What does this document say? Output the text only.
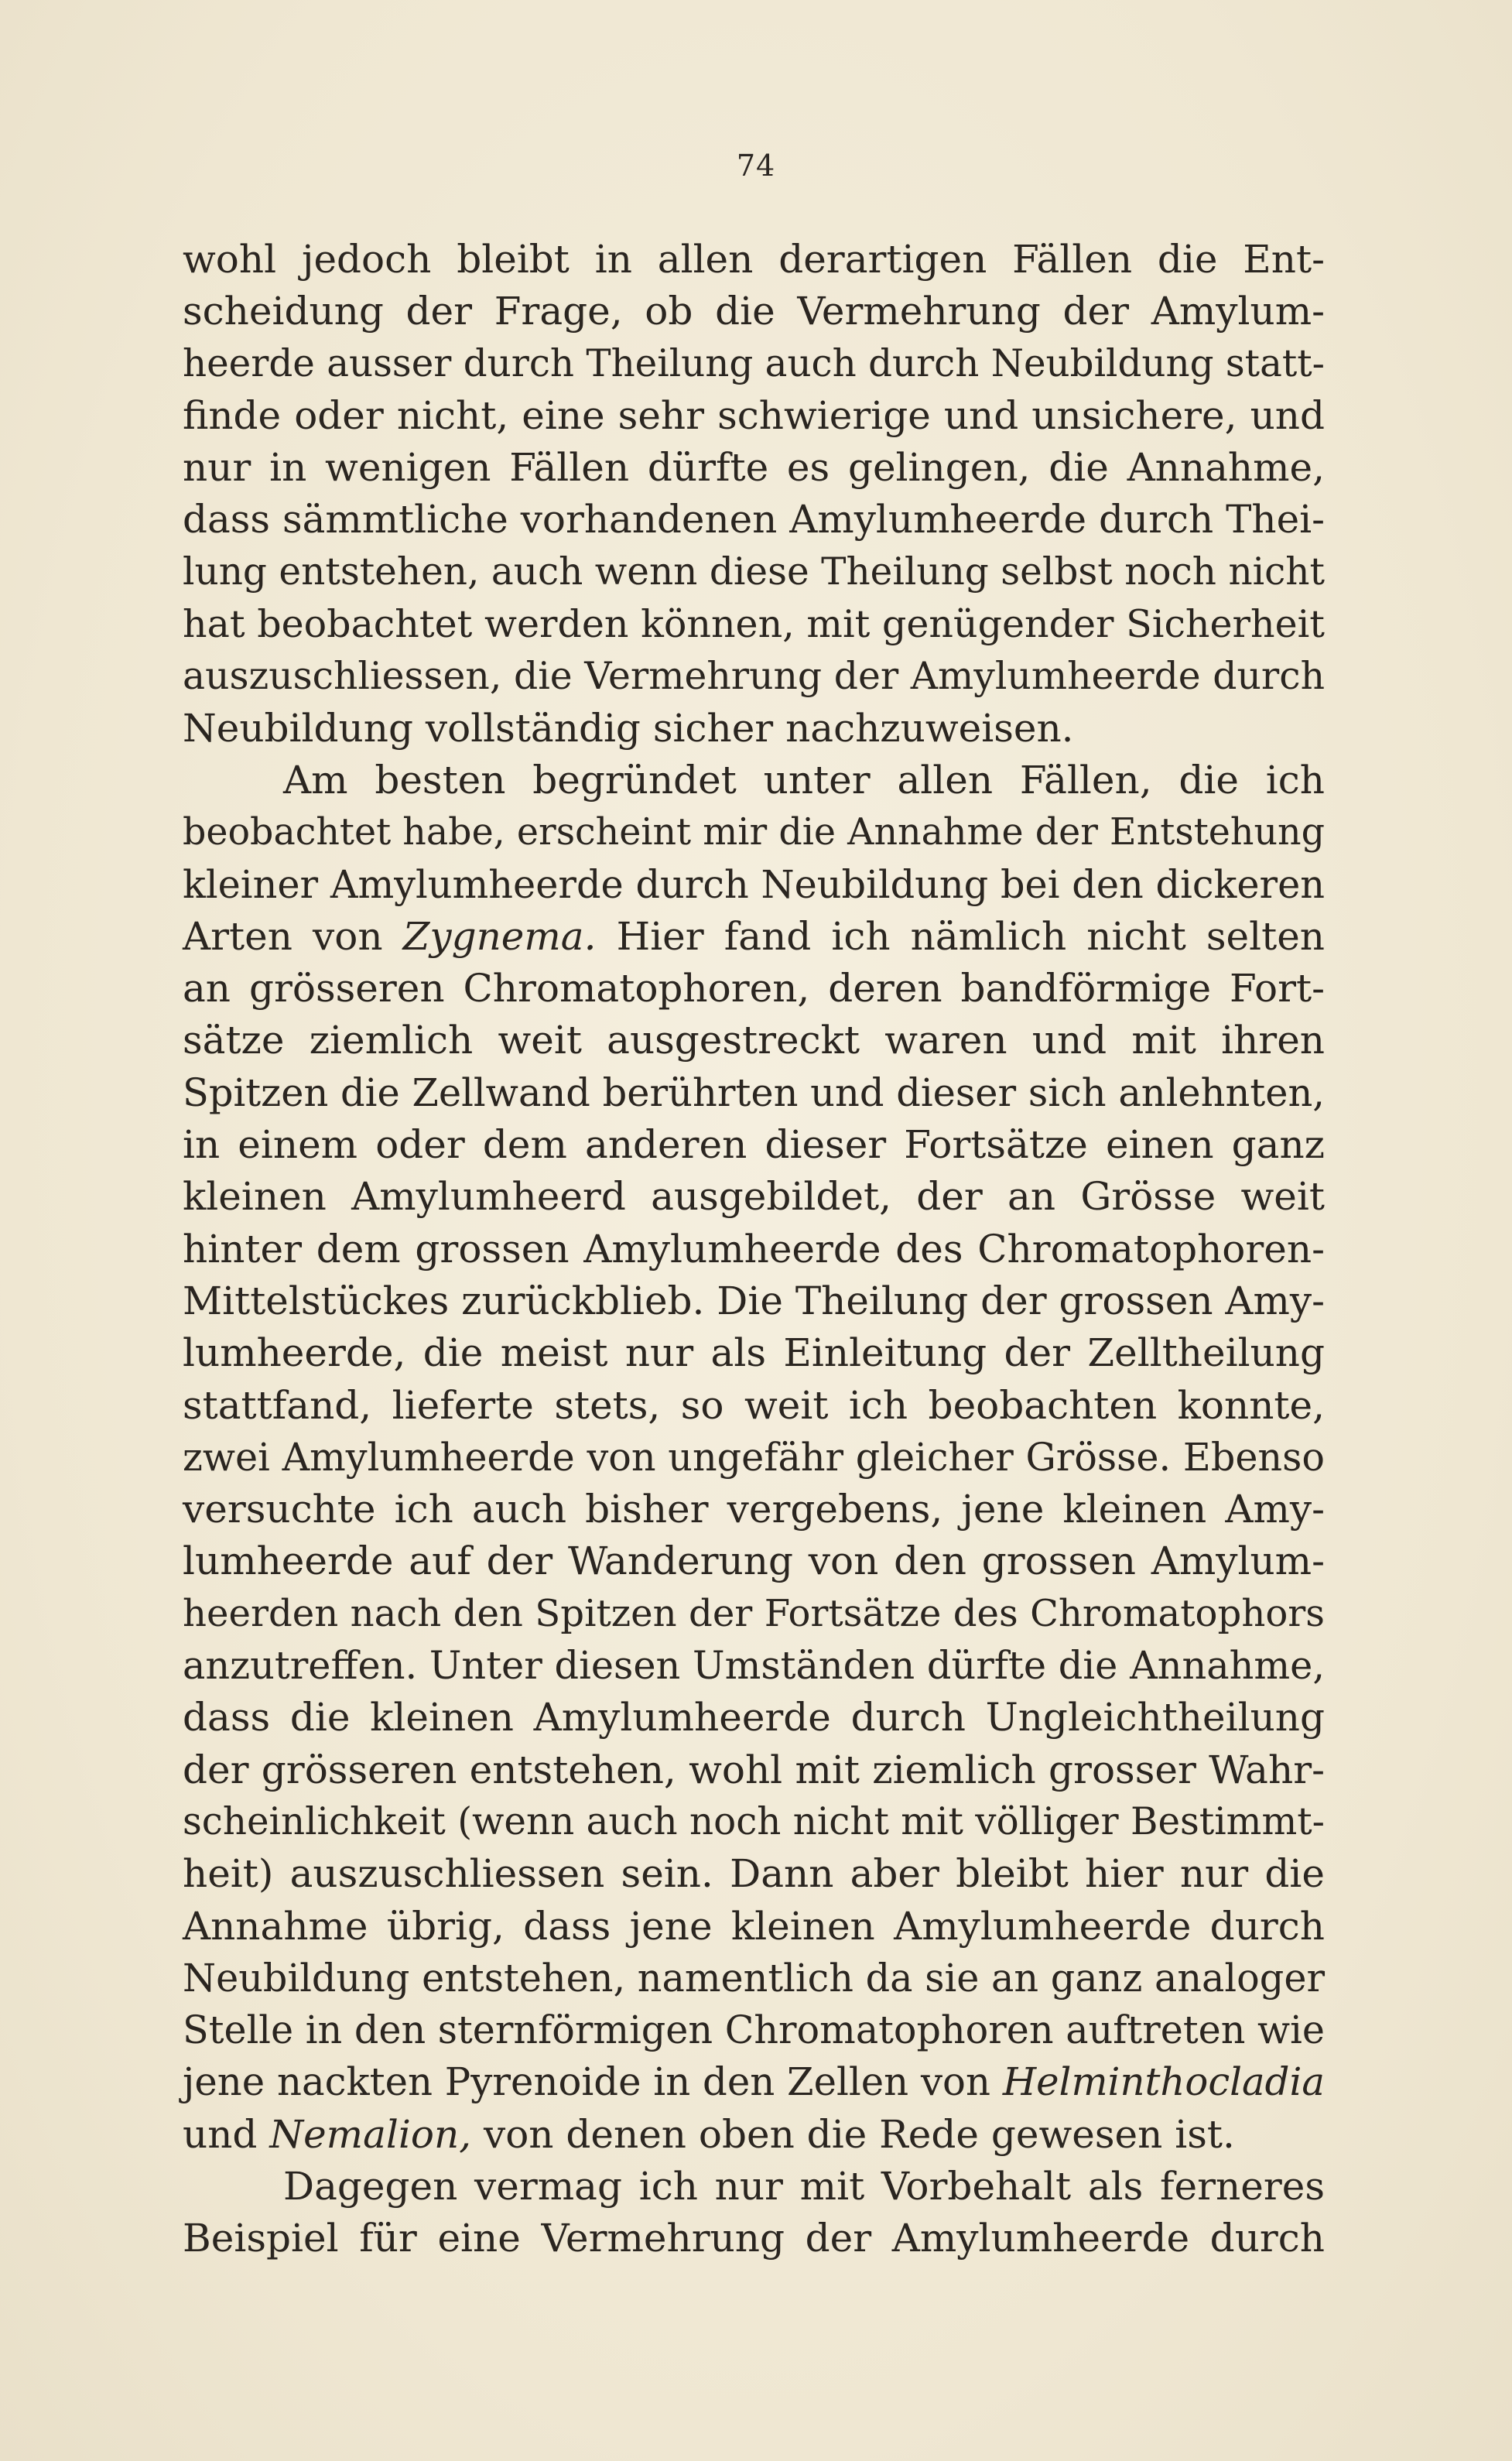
74
wohl jedoch bleibt in allen derartigen Fällen die Ent-
scheidung der Frage, ob die Vermehrung der Amylum-
heerde ausser durch Theilung auch durch Neubildung statt-
finde oder nicht, eine sehr schwierige und unsichere, und
nur in wenigen Fällen dürfte es gelingen, die Annahme,
dass sämmtliche vorhandenen Amylumheerde durch Thei-
lung entstehen, auch wenn diese Theilung selbst noch nicht
hat beobachtet werden können, mit genügender Sicherheit
auszuschliessen, die Vermehrung der Amylumheerde durch
Neubildung vollständig sicher nachzuweisen.
Am besten begründet unter allen Fällen, die ich
beobachtet habe, erscheint mir die Annahme der Entstehung
kleiner Amylumheerde durch Neubildung bei den dickeren
Arten von Zygnema. Hier fand ich nämlich nicht selten
an grösseren Chromatophoren, deren bandförmige Fort-
sätze ziemlich weit ausgestreckt waren und mit ihren
Spitzen die Zellwand berührten und dieser sich anlehnten,
in einem oder dem anderen dieser Fortsätze einen ganz
kleinen Amylumheerd ausgebildet, der an Grösse weit
hinter dem grossen Amylumheerde des Chromatophoren-
Mittelstückes zurückblieb. Die Theilung der grossen Amy-
lumheerde, die meist nur als Einleitung der Zelltheilung
stattfand, lieferte stets, so weit ich beobachten konnte,
zwei Amylumheerde von ungefähr gleicher Grösse. Ebenso
versuchte ich auch bisher vergebens, jene kleinen Amy-
lumheerde auf der Wanderung von den grossen Amylum-
heerden nach den Spitzen der Fortsätze des Chromatophors
anzutreffen. Unter diesen Umständen dürfte die Annahme,
dass die kleinen Amylumheerde durch Ungleichtheilung
der grösseren entstehen, wohl mit ziemlich grosser Wahr-
scheinlichkeit (wenn auch noch nicht mit völliger Bestimmt-
heit) auszuschliessen sein. Dann aber bleibt hier nur die
Annahme übrig, dass jene kleinen Amylumheerde durch
Neubildung entstehen, namentlich da sie an ganz analoger
Stelle in den sternförmigen Chromatophoren auftreten wie
jene nackten Pyrenoide in den Zellen von Helminthocladia
und Nemalion, von denen oben die Rede gewesen ist.
Dagegen vermag ich nur mit Vorbehalt als ferneres
Beispiel für eine Vermehrung der Amylumheerde durch
